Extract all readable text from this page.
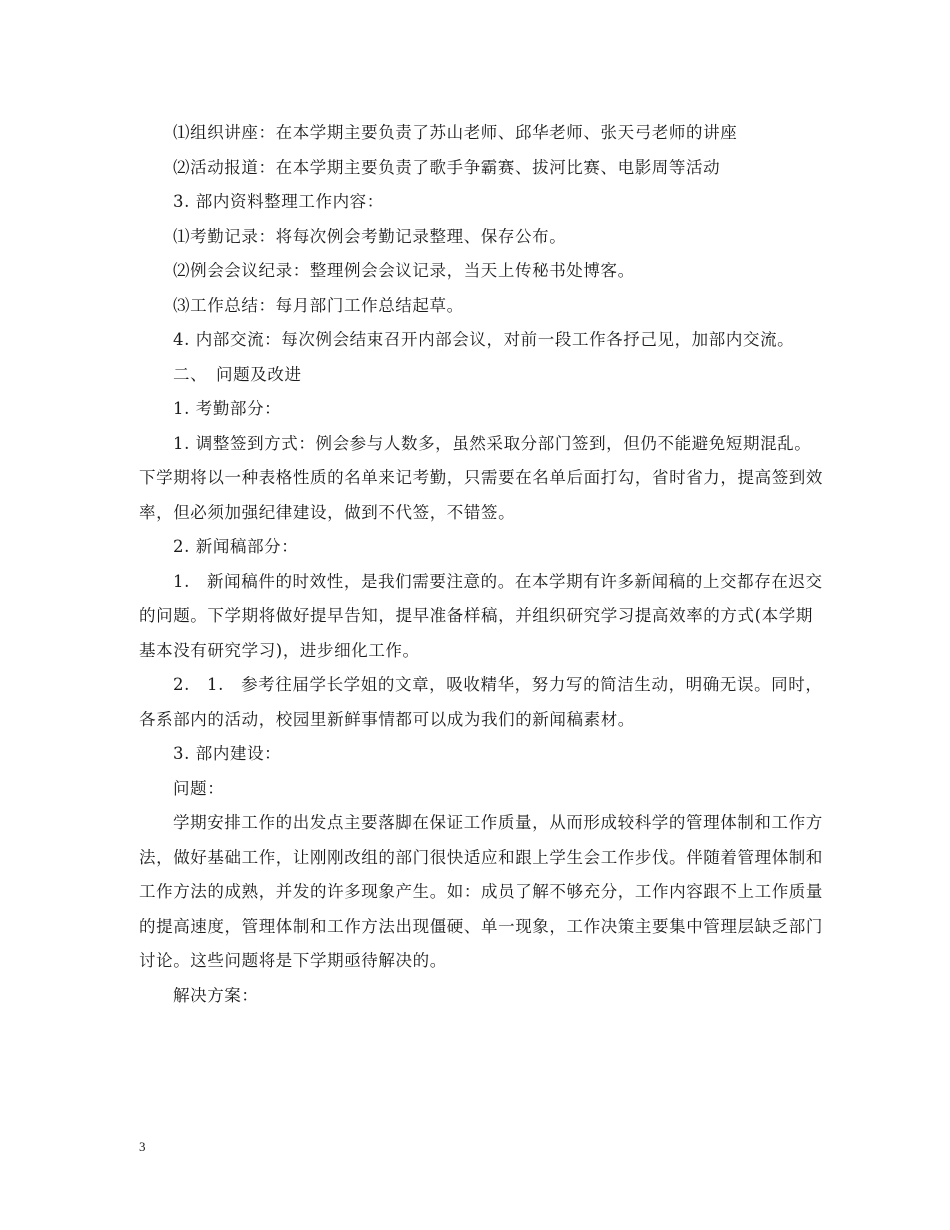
⑴组织讲座：在本学期主要负责了苏山老师、邱华老师、张天弓老师的讲座

⑵活动报道：在本学期主要负责了歌手争霸赛、拔河比赛、电影周等活动

3. 部内资料整理工作内容：

⑴考勤记录：将每次例会考勤记录整理、保存公布。

⑵例会会议纪录：整理例会会议记录，当天上传秘书处博客。

⑶工作总结：每月部门工作总结起草。

4. 内部交流：每次例会结束召开内部会议，对前一段工作各抒己见，加部内交流。

二、　问题及改进

1. 考勤部分：

1. 调整签到方式：例会参与人数多，虽然采取分部门签到，但仍不能避免短期混乱。下学期将以一种表格性质的名单来记考勤，只需要在名单后面打勾，省时省力，提高签到效率，但必须加强纪律建设，做到不代签，不错签。

2. 新闻稿部分：

1.　新闻稿件的时效性，是我们需要注意的。在本学期有许多新闻稿的上交都存在迟交的问题。下学期将做好提早告知，提早准备样稿，并组织研究学习提高效率的方式(本学期基本没有研究学习)，进步细化工作。

2.　1.　参考往届学长学姐的文章，吸收精华，努力写的简洁生动，明确无误。同时，各系部内的活动，校园里新鲜事情都可以成为我们的新闻稿素材。

3. 部内建设：

问题：

学期安排工作的出发点主要落脚在保证工作质量，从而形成较科学的管理体制和工作方法，做好基础工作，让刚刚改组的部门很快适应和跟上学生会工作步伐。伴随着管理体制和工作方法的成熟，并发的许多现象产生。如：成员了解不够充分，工作内容跟不上工作质量的提高速度，管理体制和工作方法出现僵硬、单一现象，工作决策主要集中管理层缺乏部门讨论。这些问题将是下学期亟待解决的。

解决方案：

3
